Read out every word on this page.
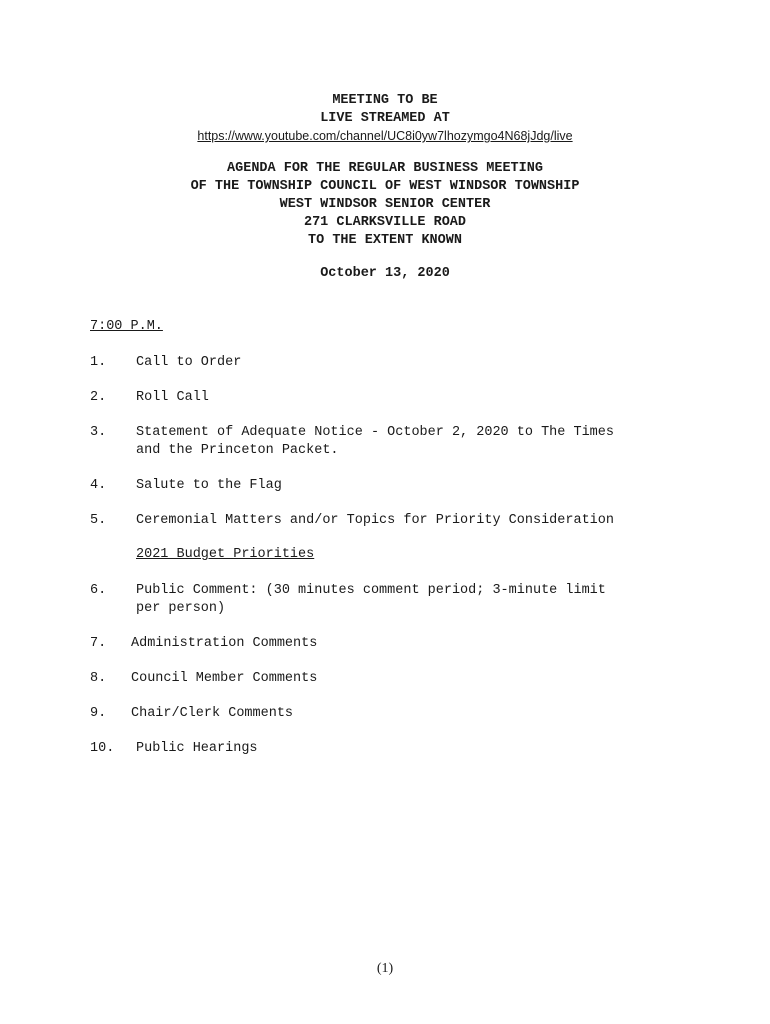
MEETING TO BE
LIVE STREAMED AT
https://www.youtube.com/channel/UC8i0yw7lhozymgo4N68jJdg/live
AGENDA FOR THE REGULAR BUSINESS MEETING
OF THE TOWNSHIP COUNCIL OF WEST WINDSOR TOWNSHIP
WEST WINDSOR SENIOR CENTER
271 CLARKSVILLE ROAD
TO THE EXTENT KNOWN
October 13, 2020
7:00 P.M.
1. Call to Order
2. Roll Call
3. Statement of Adequate Notice - October 2, 2020 to The Times
and the Princeton Packet.
4. Salute to the Flag
5. Ceremonial Matters and/or Topics for Priority Consideration
2021 Budget Priorities
6. Public Comment: (30 minutes comment period; 3-minute limit
per person)
7. Administration Comments
8. Council Member Comments
9. Chair/Clerk Comments
10. Public Hearings
(1)
